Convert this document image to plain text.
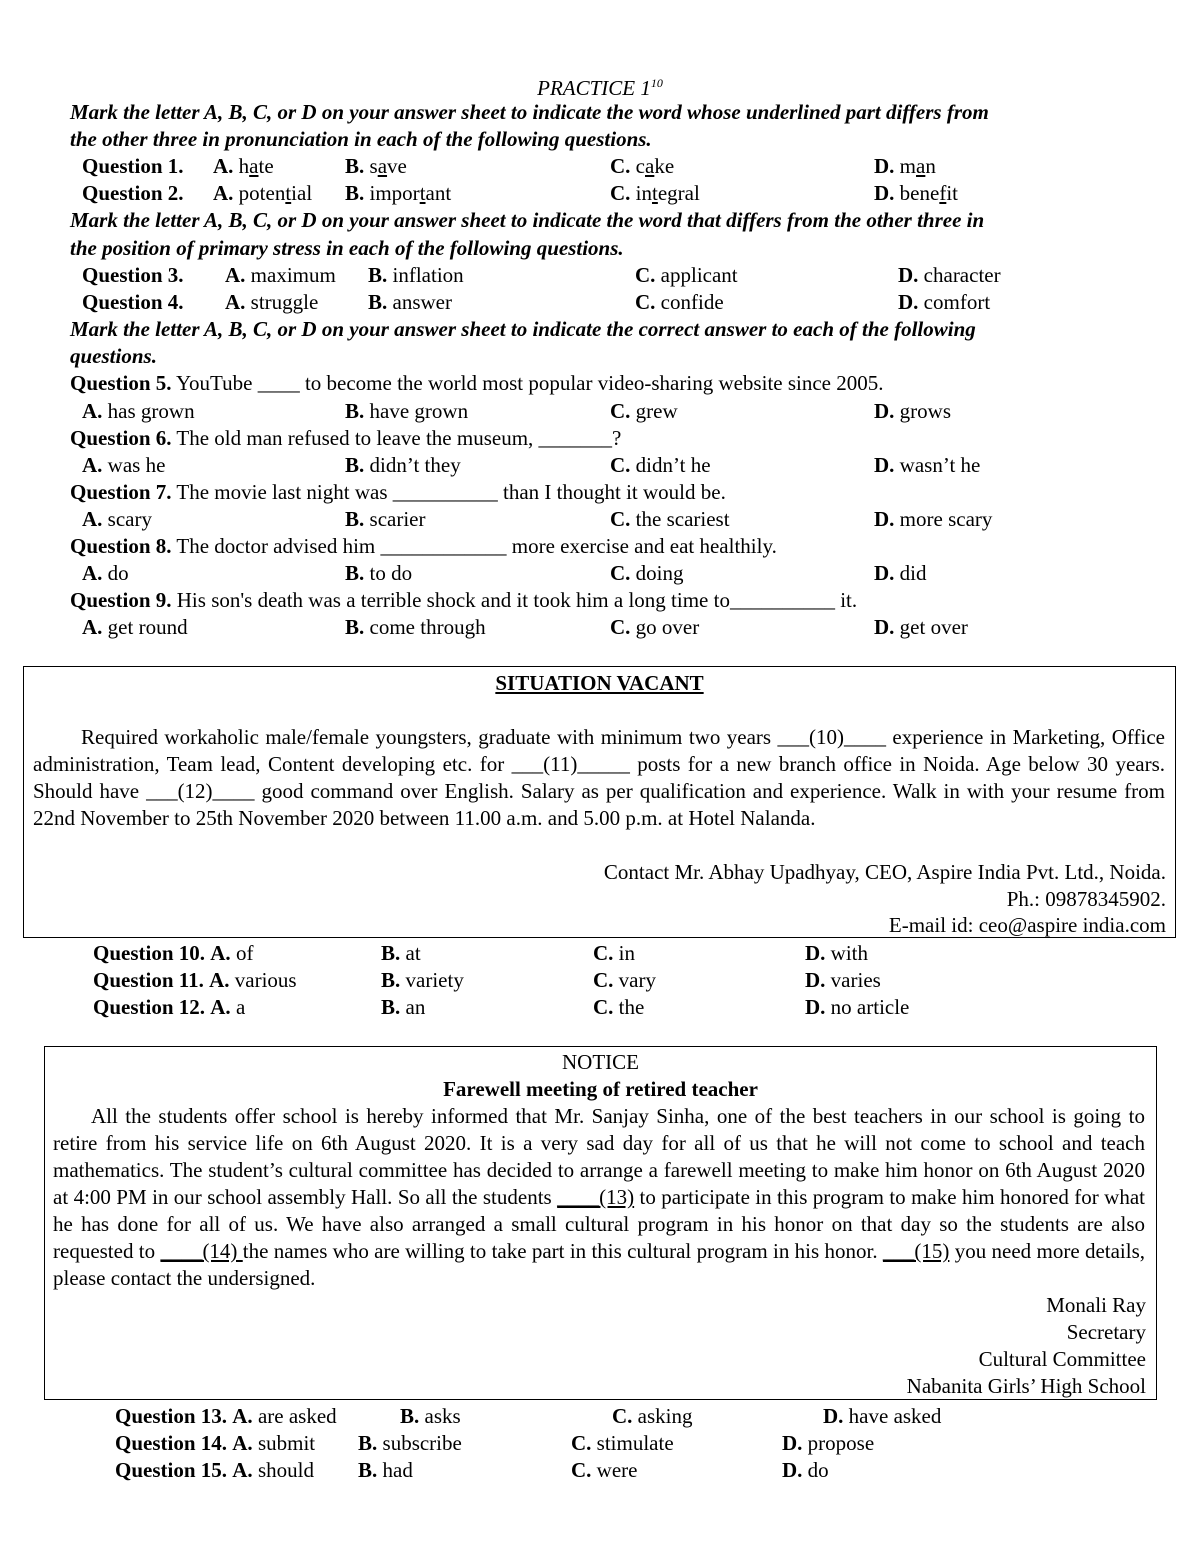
PRACTICE $1^{10}$
Mark the letter A, B, C, or D on your answer sheet to indicate the word whose underlined part differs from
the other three in pronunciation in each of the following questions.
Question 1. A. hate	B. save	C. cake	D. man
Question 2. A. potential B. important	C. integral	D. benefit
Mark the letter A, B, C, or D on your answer sheet to indicate the word that differs from the other three in
the position of primary stress in each of the following questions.
Question 3. A. maximum B. inflation	C. applicant	D. character
Question 4. A. struggle B. answer	C. confide	D. comfort
Mark the letter A, B, C, or D on your answer sheet to indicate the correct answer to each of the following
questions.
Question 5. YouTube ____ to become the world most popular video-sharing website since 2005.
A. has grown	B. have grown	C. grew	D. grows
Question 6. The old man refused to leave the museum, _______?
A. was he	B. didn’t they	C. didn’t he	D. wasn’t he
Question 7. The movie last night was __________ than I thought it would be.
A. scary	B. scarier	C. the scariest	D. more scary
Question 8. The doctor advised him ____________ more exercise and eat healthily.
A. do	B. to do	C. doing	D. did
Question 9. His son's death was a terrible shock and it took him a long time to__________ it.
A. get round	B. come through	C. go over	D. get over
SITUATION VACANT
Required workaholic male/female youngsters, graduate with minimum two years ___(10)____ experience in Marketing, Office administration, Team lead, Content developing etc. for ___(11)_____ posts for a new branch office in Noida. Age below 30 years. Should have ___(12)____ good command over English. Salary as per qualification and experience. Walk in with your resume from 22nd November to 25th November 2020 between 11.00 a.m. and 5.00 p.m. at Hotel Nalanda.
Contact Mr. Abhay Upadhyay, CEO, Aspire India Pvt. Ltd., Noida.
Ph.: 09878345902.
E-mail id: ceo@aspire india.com
Question 10. A. of	B. at	C. in	D. with
Question 11. A. various	B. variety	C. vary	D. varies
Question 12. A. a	B. an	C. the	D. no article
NOTICE
Farewell meeting of retired teacher
All the students offer school is hereby informed that Mr. Sanjay Sinha, one of the best teachers in our school is going to retire from his service life on 6th August 2020. It is a very sad day for all of us that he will not come to school and teach mathematics. The student’s cultural committee has decided to arrange a farewell meeting to make him honor on 6th August 2020 at 4:00 PM in our school assembly Hall. So all the students ____(13) to participate in this program to make him honored for what he has done for all of us. We have also arranged a small cultural program in his honor on that day so the students are also requested to ____(14) the names who are willing to take part in this cultural program in his honor. ___(15) you need more details, please contact the undersigned.
Monali Ray
Secretary
Cultural Committee
Nabanita Girls’ High School
Question 13. A. are asked	B. asks	C. asking	D. have asked
Question 14. A. submit B. subscribe	C. stimulate	D. propose
Question 15. A. should B. had	C. were	D. do
